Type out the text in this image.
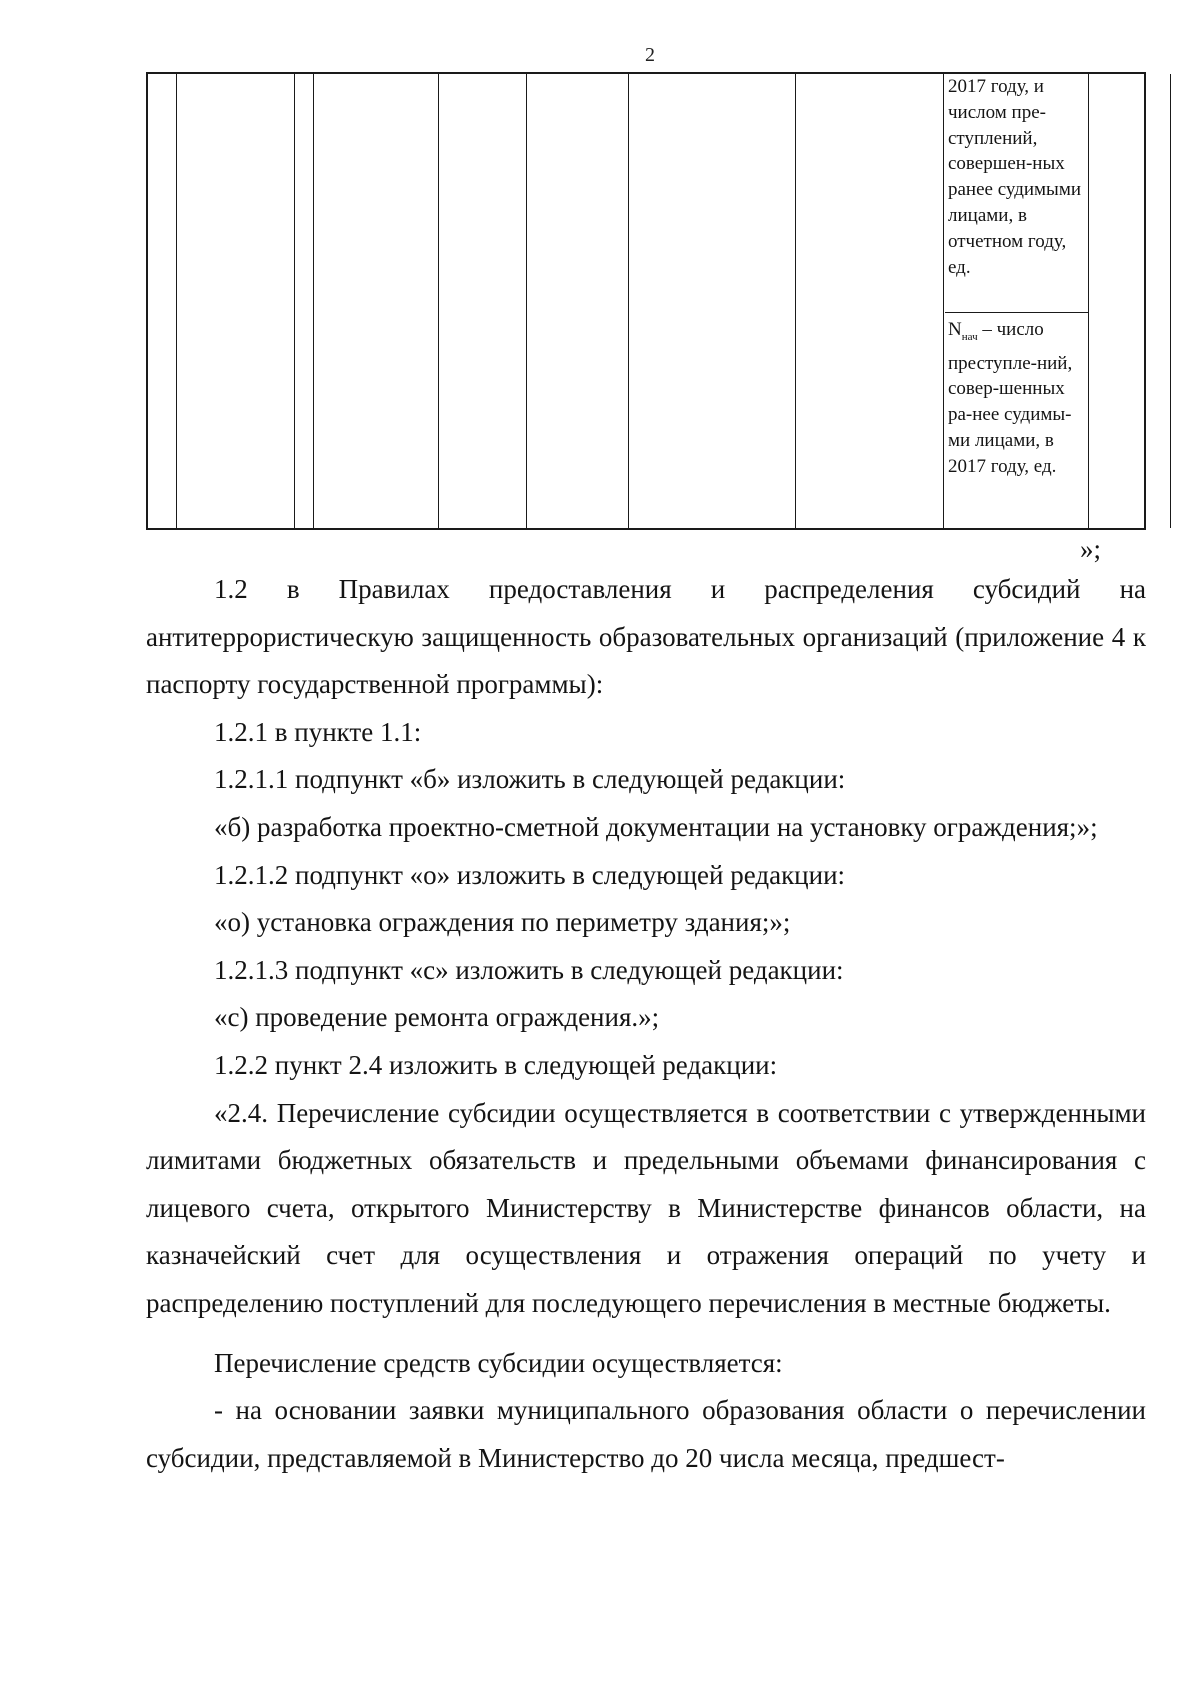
2
2017 году, и числом пре-ступлений, совершен-ных ранее судимыми лицами, в отчетном году, ед.
$N_{нач}$ – число преступле-ний, совер-шенных ра-нее судимы-ми лицами, в 2017 году, ед.
»;

1.2 в Правилах предоставления и распределения субсидий на антитеррористическую защищенность образовательных организаций (приложение 4 к паспорту государственной программы):

1.2.1 в пункте 1.1:

1.2.1.1 подпункт «б» изложить в следующей редакции:

«б) разработка проектно-сметной документации на установку ограждения;»;

1.2.1.2 подпункт «о» изложить в следующей редакции:

«о) установка ограждения по периметру здания;»;

1.2.1.3 подпункт «с» изложить в следующей редакции:

«с) проведение ремонта ограждения.»;

1.2.2 пункт 2.4 изложить в следующей редакции:

«2.4. Перечисление субсидии осуществляется в соответствии с утвержденными лимитами бюджетных обязательств и предельными объемами финансирования с лицевого счета, открытого Министерству в Министерстве финансов области, на казначейский счет для осуществления и отражения операций по учету и распределению поступлений для последующего перечисления в местные бюджеты.

Перечисление средств субсидии осуществляется:

- на основании заявки муниципального образования области о перечислении субсидии, представляемой в Министерство до 20 числа месяца, предшест-
